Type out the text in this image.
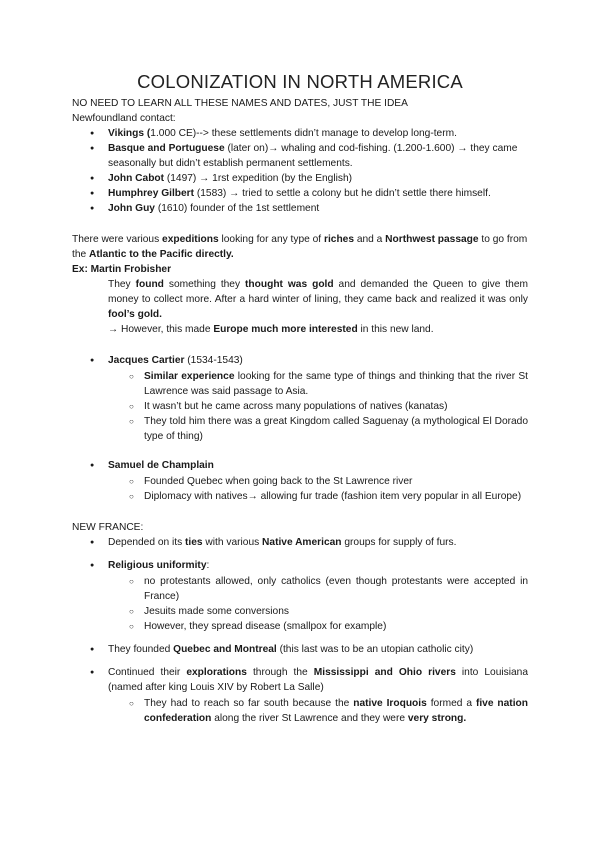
COLONIZATION IN NORTH AMERICA

NO NEED TO LEARN ALL THESE NAMES AND DATES, JUST THE IDEA

Newfoundland contact:

● Vikings (1.000 CE)--> these settlements didn’t manage to develop long-term.
● Basque and Portuguese (later on)→ whaling and cod-fishing. (1.200-1.600) → they came seasonally but didn’t establish permanent settlements.
● John Cabot (1497) → 1rst expedition (by the English)
● Humphrey Gilbert (1583) → tried to settle a colony but he didn’t settle there himself.
● John Guy (1610) founder of the 1st settlement

There were various expeditions looking for any type of riches and a Northwest passage to go from the Atlantic to the Pacific directly.

Ex: Martin Frobisher

They found something they thought was gold and demanded the Queen to give them money to collect more. After a hard winter of lining, they came back and realized it was only fool’s gold.

→ However, this made Europe much more interested in this new land.

● Jacques Cartier (1534-1543)
○ Similar experience looking for the same type of things and thinking that the river St Lawrence was said passage to Asia.
○ It wasn’t but he came across many populations of natives (kanatas)
○ They told him there was a great Kingdom called Saguenay (a mythological El Dorado type of thing)
● Samuel de Champlain
○ Founded Quebec when going back to the St Lawrence river
○ Diplomacy with natives→ allowing fur trade (fashion item very popular in all Europe)

NEW FRANCE:

● Depended on its ties with various Native American groups for supply of furs.
● Religious uniformity:
○ no protestants allowed, only catholics (even though protestants were accepted in France)
○ Jesuits made some conversions
○ However, they spread disease (smallpox for example)
● They founded Quebec and Montreal (this last was to be an utopian catholic city)
● Continued their explorations through the Mississippi and Ohio rivers into Louisiana (named after king Louis XIV by Robert La Salle)
○ They had to reach so far south because the native Iroquois formed a five nation confederation along the river St Lawrence and they were very strong.
